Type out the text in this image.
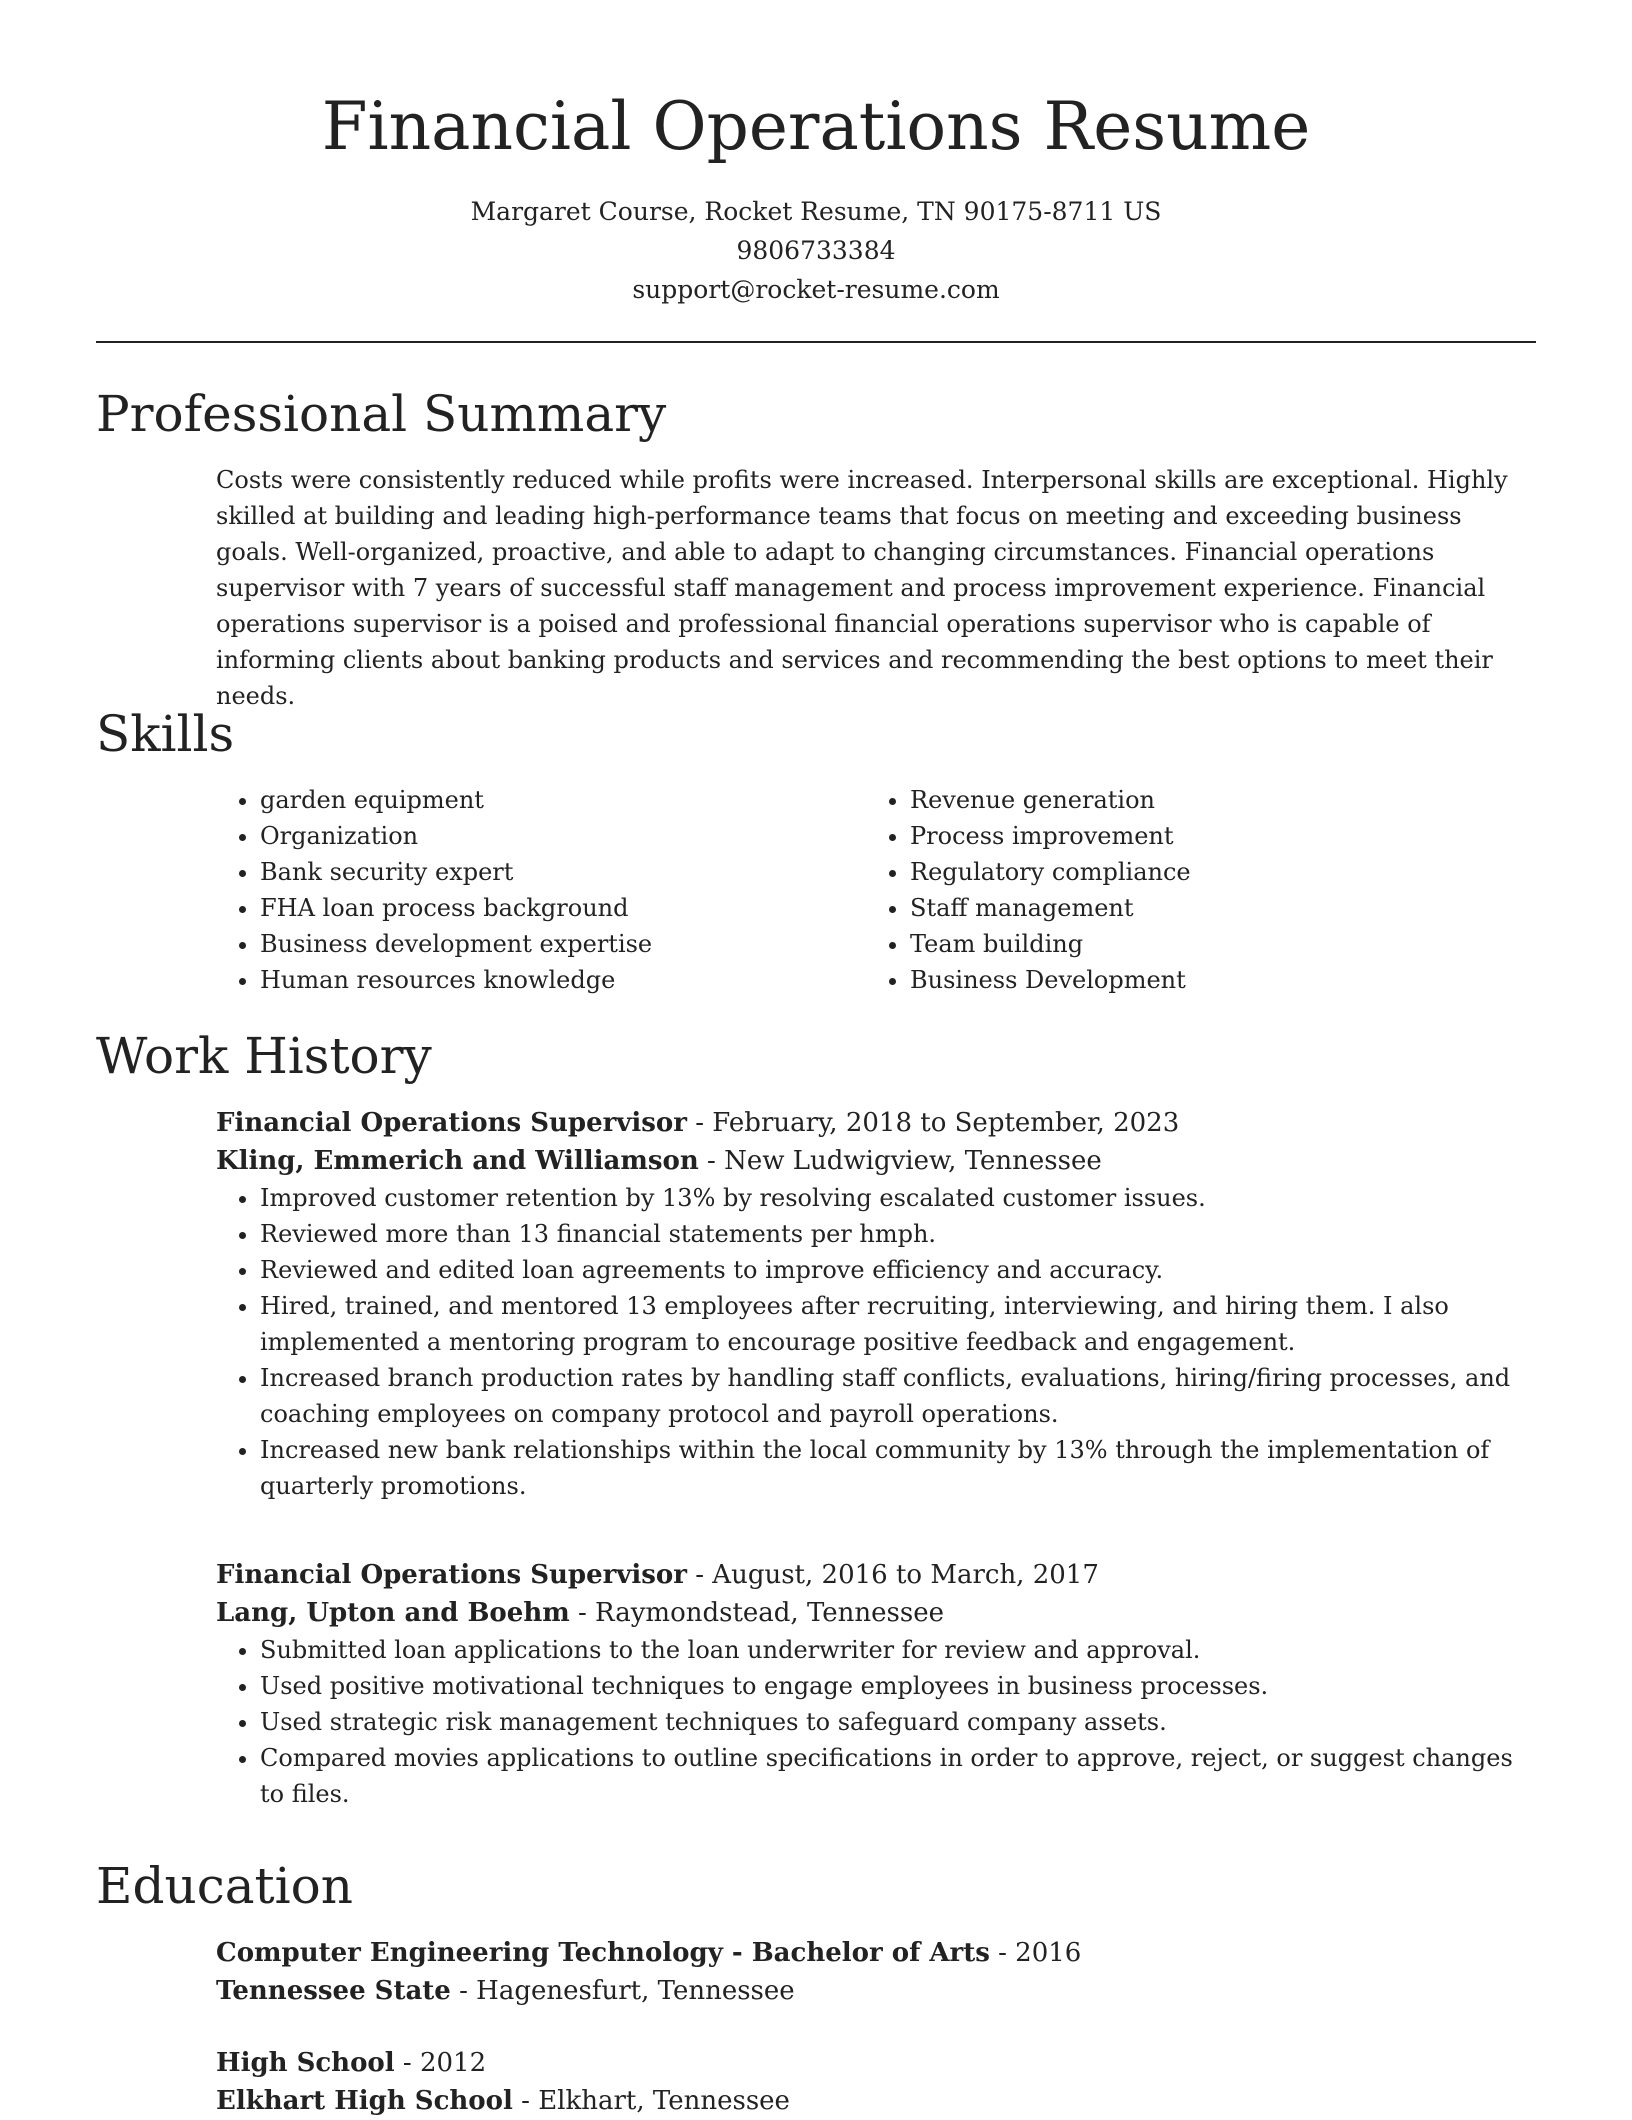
Financial Operations Resume
Margaret Course, Rocket Resume, TN 90175-8711 US
9806733384
support@rocket-resume.com
Professional Summary

Costs were consistently reduced while profits were increased. Interpersonal skills are exceptional. Highly skilled at building and leading high-performance teams that focus on meeting and exceeding business goals. Well-organized, proactive, and able to adapt to changing circumstances. Financial operations supervisor with 7 years of successful staff management and process improvement experience. Financial operations supervisor is a poised and professional financial operations supervisor who is capable of informing clients about banking products and services and recommending the best options to meet their needs.

Skills
• garden equipment
• Organization
• Bank security expert
• FHA loan process background
• Business development expertise
• Human resources knowledge
• Revenue generation
• Process improvement
• Regulatory compliance
• Staff management
• Team building
• Business Development
Work History
Financial Operations Supervisor - February, 2018 to September, 2023
Kling, Emmerich and Williamson - New Ludwigview, Tennessee
• Improved customer retention by 13% by resolving escalated customer issues.
• Reviewed more than 13 financial statements per hmph.
• Reviewed and edited loan agreements to improve efficiency and accuracy.
• Hired, trained, and mentored 13 employees after recruiting, interviewing, and hiring them. I also implemented a mentoring program to encourage positive feedback and engagement.
• Increased branch production rates by handling staff conflicts, evaluations, hiring/firing processes, and coaching employees on company protocol and payroll operations.
• Increased new bank relationships within the local community by 13% through the implementation of quarterly promotions.
Financial Operations Supervisor - August, 2016 to March, 2017
Lang, Upton and Boehm - Raymondstead, Tennessee
• Submitted loan applications to the loan underwriter for review and approval.
• Used positive motivational techniques to engage employees in business processes.
• Used strategic risk management techniques to safeguard company assets.
• Compared movies applications to outline specifications in order to approve, reject, or suggest changes to files.
Education
Computer Engineering Technology - Bachelor of Arts - 2016
Tennessee State - Hagenesfurt, Tennessee
High School - 2012
Elkhart High School - Elkhart, Tennessee
